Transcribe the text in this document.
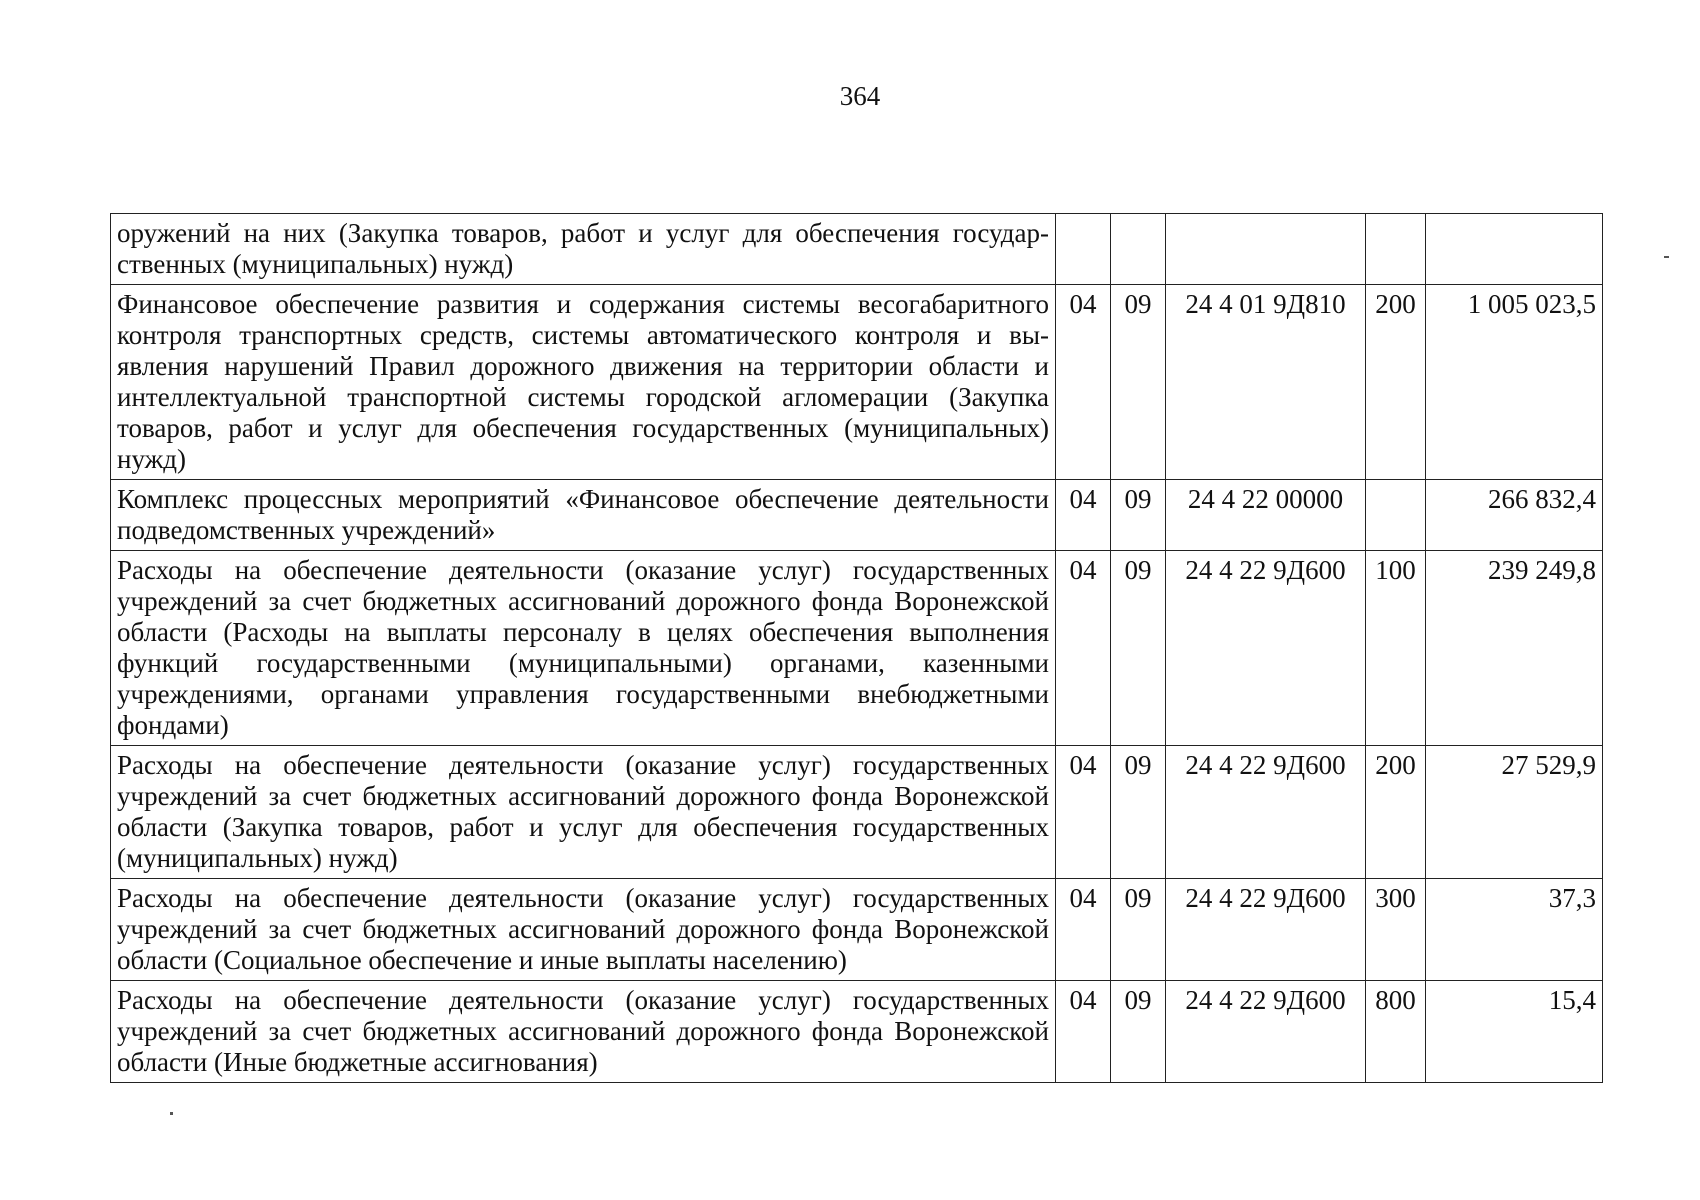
364
оружений на них (Закупка товаров, работ и услуг для обеспечения государственных (муниципальных) нужд)					
Финансовое обеспечение развития и содержания системы весогабаритного контроля транспортных средств, системы автоматического контроля и выявления нарушений Правил дорожного движения на территории области и интеллектуальной транспортной системы городской агломерации (Закупка товаров, работ и услуг для обеспечения государственных (муниципальных) нужд)	04	09	24 4 01 9Д810	200	1 005 023,5
Комплекс процессных мероприятий «Финансовое обеспечение деятельности подведомственных учреждений»	04	09	24 4 22 00000		266 832,4
Расходы на обеспечение деятельности (оказание услуг) государственных учреждений за счет бюджетных ассигнований дорожного фонда Воронежской области (Расходы на выплаты персоналу в целях обеспечения выполнения функций государственными (муниципальными) органами, казенными учреждениями, органами управления государственными внебюджетными фондами)	04	09	24 4 22 9Д600	100	239 249,8
Расходы на обеспечение деятельности (оказание услуг) государственных учреждений за счет бюджетных ассигнований дорожного фонда Воронежской области (Закупка товаров, работ и услуг для обеспечения государственных (муниципальных) нужд)	04	09	24 4 22 9Д600	200	27 529,9
Расходы на обеспечение деятельности (оказание услуг) государственных учреждений за счет бюджетных ассигнований дорожного фонда Воронежской области (Социальное обеспечение и иные выплаты населению)	04	09	24 4 22 9Д600	300	37,3
Расходы на обеспечение деятельности (оказание услуг) государственных учреждений за счет бюджетных ассигнований дорожного фонда Воронежской области (Иные бюджетные ассигнования)	04	09	24 4 22 9Д600	800	15,4
